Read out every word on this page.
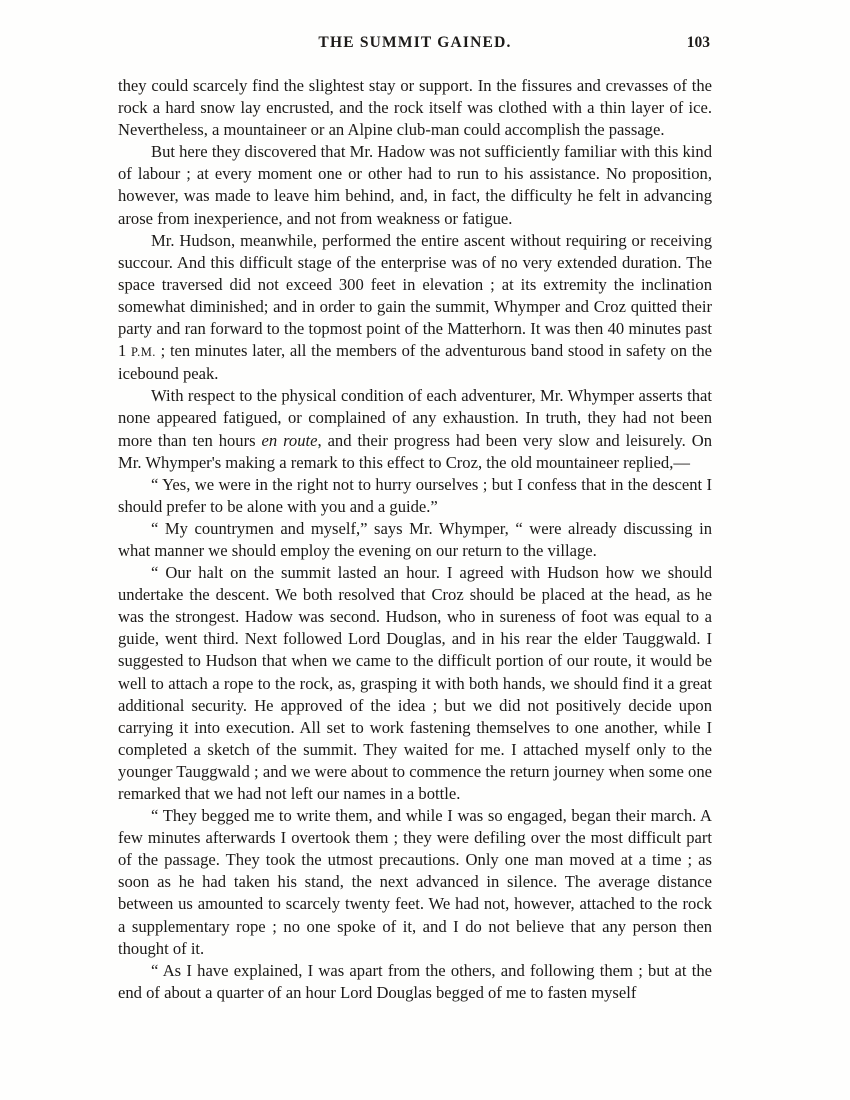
THE SUMMIT GAINED.	103

they could scarcely find the slightest stay or support. In the fissures and crevasses of the rock a hard snow lay encrusted, and the rock itself was clothed with a thin layer of ice. Nevertheless, a mountaineer or an Alpine club-man could accomplish the passage.

But here they discovered that Mr. Hadow was not sufficiently familiar with this kind of labour ; at every moment one or other had to run to his assistance. No proposition, however, was made to leave him behind, and, in fact, the difficulty he felt in advancing arose from inexperience, and not from weakness or fatigue.

Mr. Hudson, meanwhile, performed the entire ascent without requiring or receiving succour. And this difficult stage of the enterprise was of no very extended duration. The space traversed did not exceed 300 feet in elevation ; at its extremity the inclination somewhat diminished; and in order to gain the summit, Whymper and Croz quitted their party and ran forward to the topmost point of the Matterhorn. It was then 40 minutes past 1 P.M. ; ten minutes later, all the members of the adventurous band stood in safety on the icebound peak.

With respect to the physical condition of each adventurer, Mr. Whymper asserts that none appeared fatigued, or complained of any exhaustion. In truth, they had not been more than ten hours en route, and their progress had been very slow and leisurely. On Mr. Whymper's making a remark to this effect to Croz, the old mountaineer replied,—

“ Yes, we were in the right not to hurry ourselves ; but I confess that in the descent I should prefer to be alone with you and a guide.”

“ My countrymen and myself,” says Mr. Whymper, “ were already discussing in what manner we should employ the evening on our return to the village.

“ Our halt on the summit lasted an hour. I agreed with Hudson how we should undertake the descent. We both resolved that Croz should be placed at the head, as he was the strongest. Hadow was second. Hudson, who in sureness of foot was equal to a guide, went third. Next followed Lord Douglas, and in his rear the elder Tauggwald. I suggested to Hudson that when we came to the difficult portion of our route, it would be well to attach a rope to the rock, as, grasping it with both hands, we should find it a great additional security. He approved of the idea ; but we did not positively decide upon carrying it into execution. All set to work fastening themselves to one another, while I completed a sketch of the summit. They waited for me. I attached myself only to the younger Tauggwald ; and we were about to commence the return journey when some one remarked that we had not left our names in a bottle.

“ They begged me to write them, and while I was so engaged, began their march. A few minutes afterwards I overtook them ; they were defiling over the most difficult part of the passage. They took the utmost precautions. Only one man moved at a time ; as soon as he had taken his stand, the next advanced in silence. The average distance between us amounted to scarcely twenty feet. We had not, however, attached to the rock a supplementary rope ; no one spoke of it, and I do not believe that any person then thought of it.

“ As I have explained, I was apart from the others, and following them ; but at the end of about a quarter of an hour Lord Douglas begged of me to fasten myself
